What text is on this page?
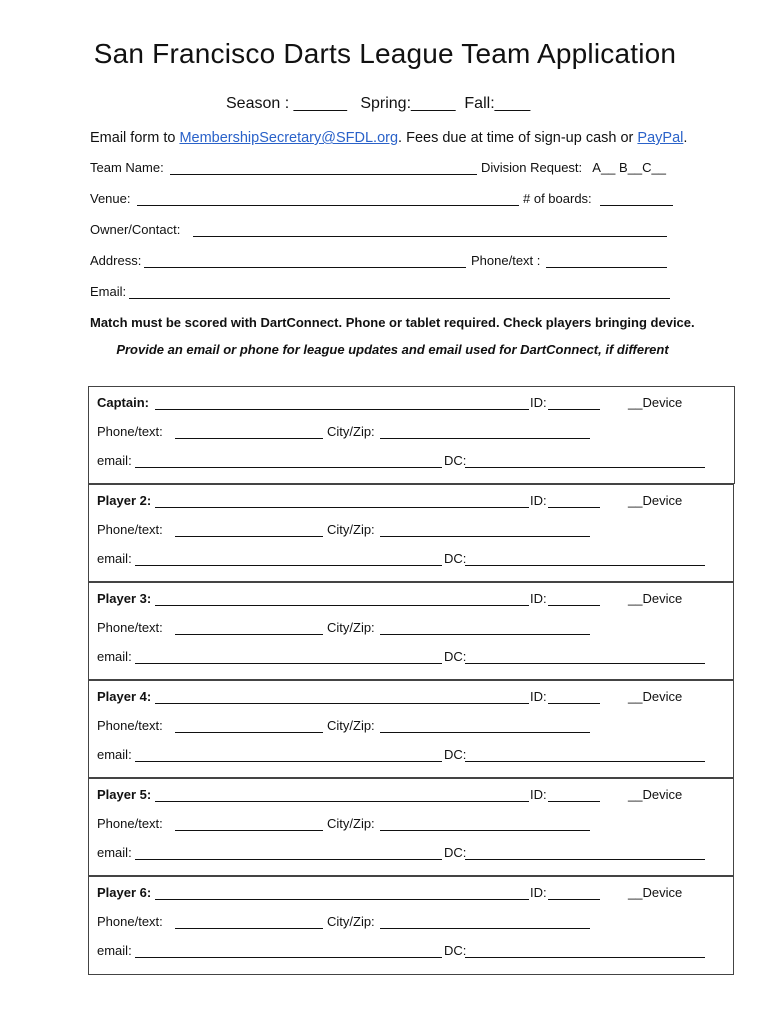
San Francisco Darts League Team Application
Season : ______   Spring:_____  Fall:____
Email form to MembershipSecretary@SFDL.org. Fees due at time of sign-up cash or PayPal.
Team Name:	Division Request:   A__ B__C__
Venue:	# of boards:
Owner/Contact:
Address:	Phone/text :
Email:
Match must be scored with DartConnect. Phone or tablet required. Check players bringing device.
Provide an email or phone for league updates and email used for DartConnect, if different
Captain:	ID:	__Device
Phone/text:	City/Zip:
email:	DC:
Player 2:	ID:	__Device
Phone/text:	City/Zip:
email:	DC:
Player 3:	ID:	__Device
Phone/text:	City/Zip:
email:	DC:
Player 4:	ID:	__Device
Phone/text:	City/Zip:
email:	DC:
Player 5:	ID:	__Device
Phone/text:	City/Zip:
email:	DC:
Player 6:	ID:	__Device
Phone/text:	City/Zip:
email:	DC:
